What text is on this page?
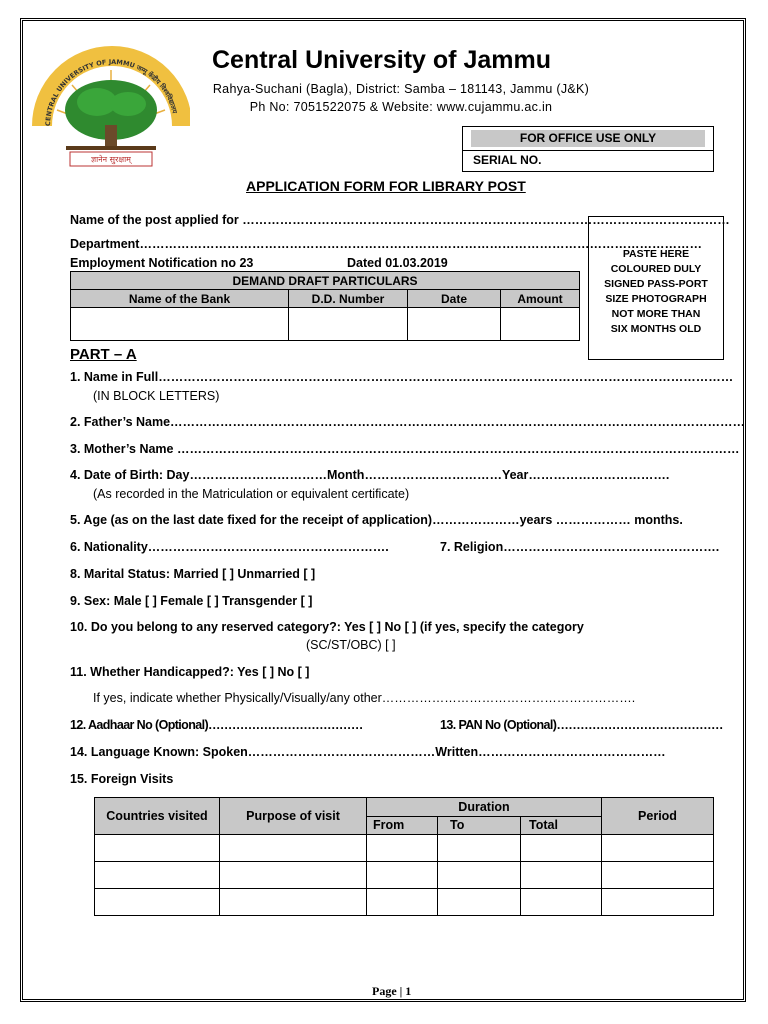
CENTRAL UNIVERSITY OF JAMMU जम्मू केंद्रीय विश्वविद्यालय
ज्ञानेन सुरक्षाम्
Central University of Jammu
Rahya-Suchani (Bagla), District: Samba – 181143, Jammu (J&K)
Ph No: 7051522075 & Website: www.cujammu.ac.in
FOR OFFICE USE ONLY
SERIAL NO.
APPLICATION FORM FOR LIBRARY POST
Name of the post applied for ………………………………………………………………………………………………………
Department………………………………………………………………………………………………………………………
Employment Notification no 23	Dated 01.03.2019
PASTE HERE
COLOURED DULY
SIGNED PASS-PORT
SIZE PHOTOGRAPH
NOT MORE THAN
SIX MONTHS OLD
DEMAND DRAFT PARTICULARS			
Name of the Bank	D.D. Number	Date	Amount

PART – A
1. Name in Full…………………………………………………………………………………………………………………………
(IN BLOCK LETTERS)
2. Father’s Name…………………………………………………………………………………………………………………………
3. Mother’s Name ………………………………………………………………………………………………………………………
4. Date of Birth: Day……………………………Month……………………………Year…………………………….
(As recorded in the Matriculation or equivalent certificate)
5. Age (as on the last date fixed for the receipt of application)…………………years ……………… months.
6. Nationality………………………………………………….	7. Religion…………………………………………….
8. Marital Status: Married [ ] Unmarried [ ]
9. Sex: Male [ ] Female [ ] Transgender [ ]
10. Do you belong to any reserved category?: Yes [ ] No [ ] (if yes, specify the category
(SC/ST/OBC) [ ]
11. Whether Handicapped?: Yes [ ] No [ ]
If yes, indicate whether Physically/Visually/any other…………………………………………………….
12. Aadhaar No (Optional)…………………………………	13. PAN No (Optional)……………………………………
14. Language Known: Spoken………………………………………Written………………………………………
15. Foreign Visits
Countries visited	Purpose of visit	Duration			Period
		From	To	Total	

Page | 1
